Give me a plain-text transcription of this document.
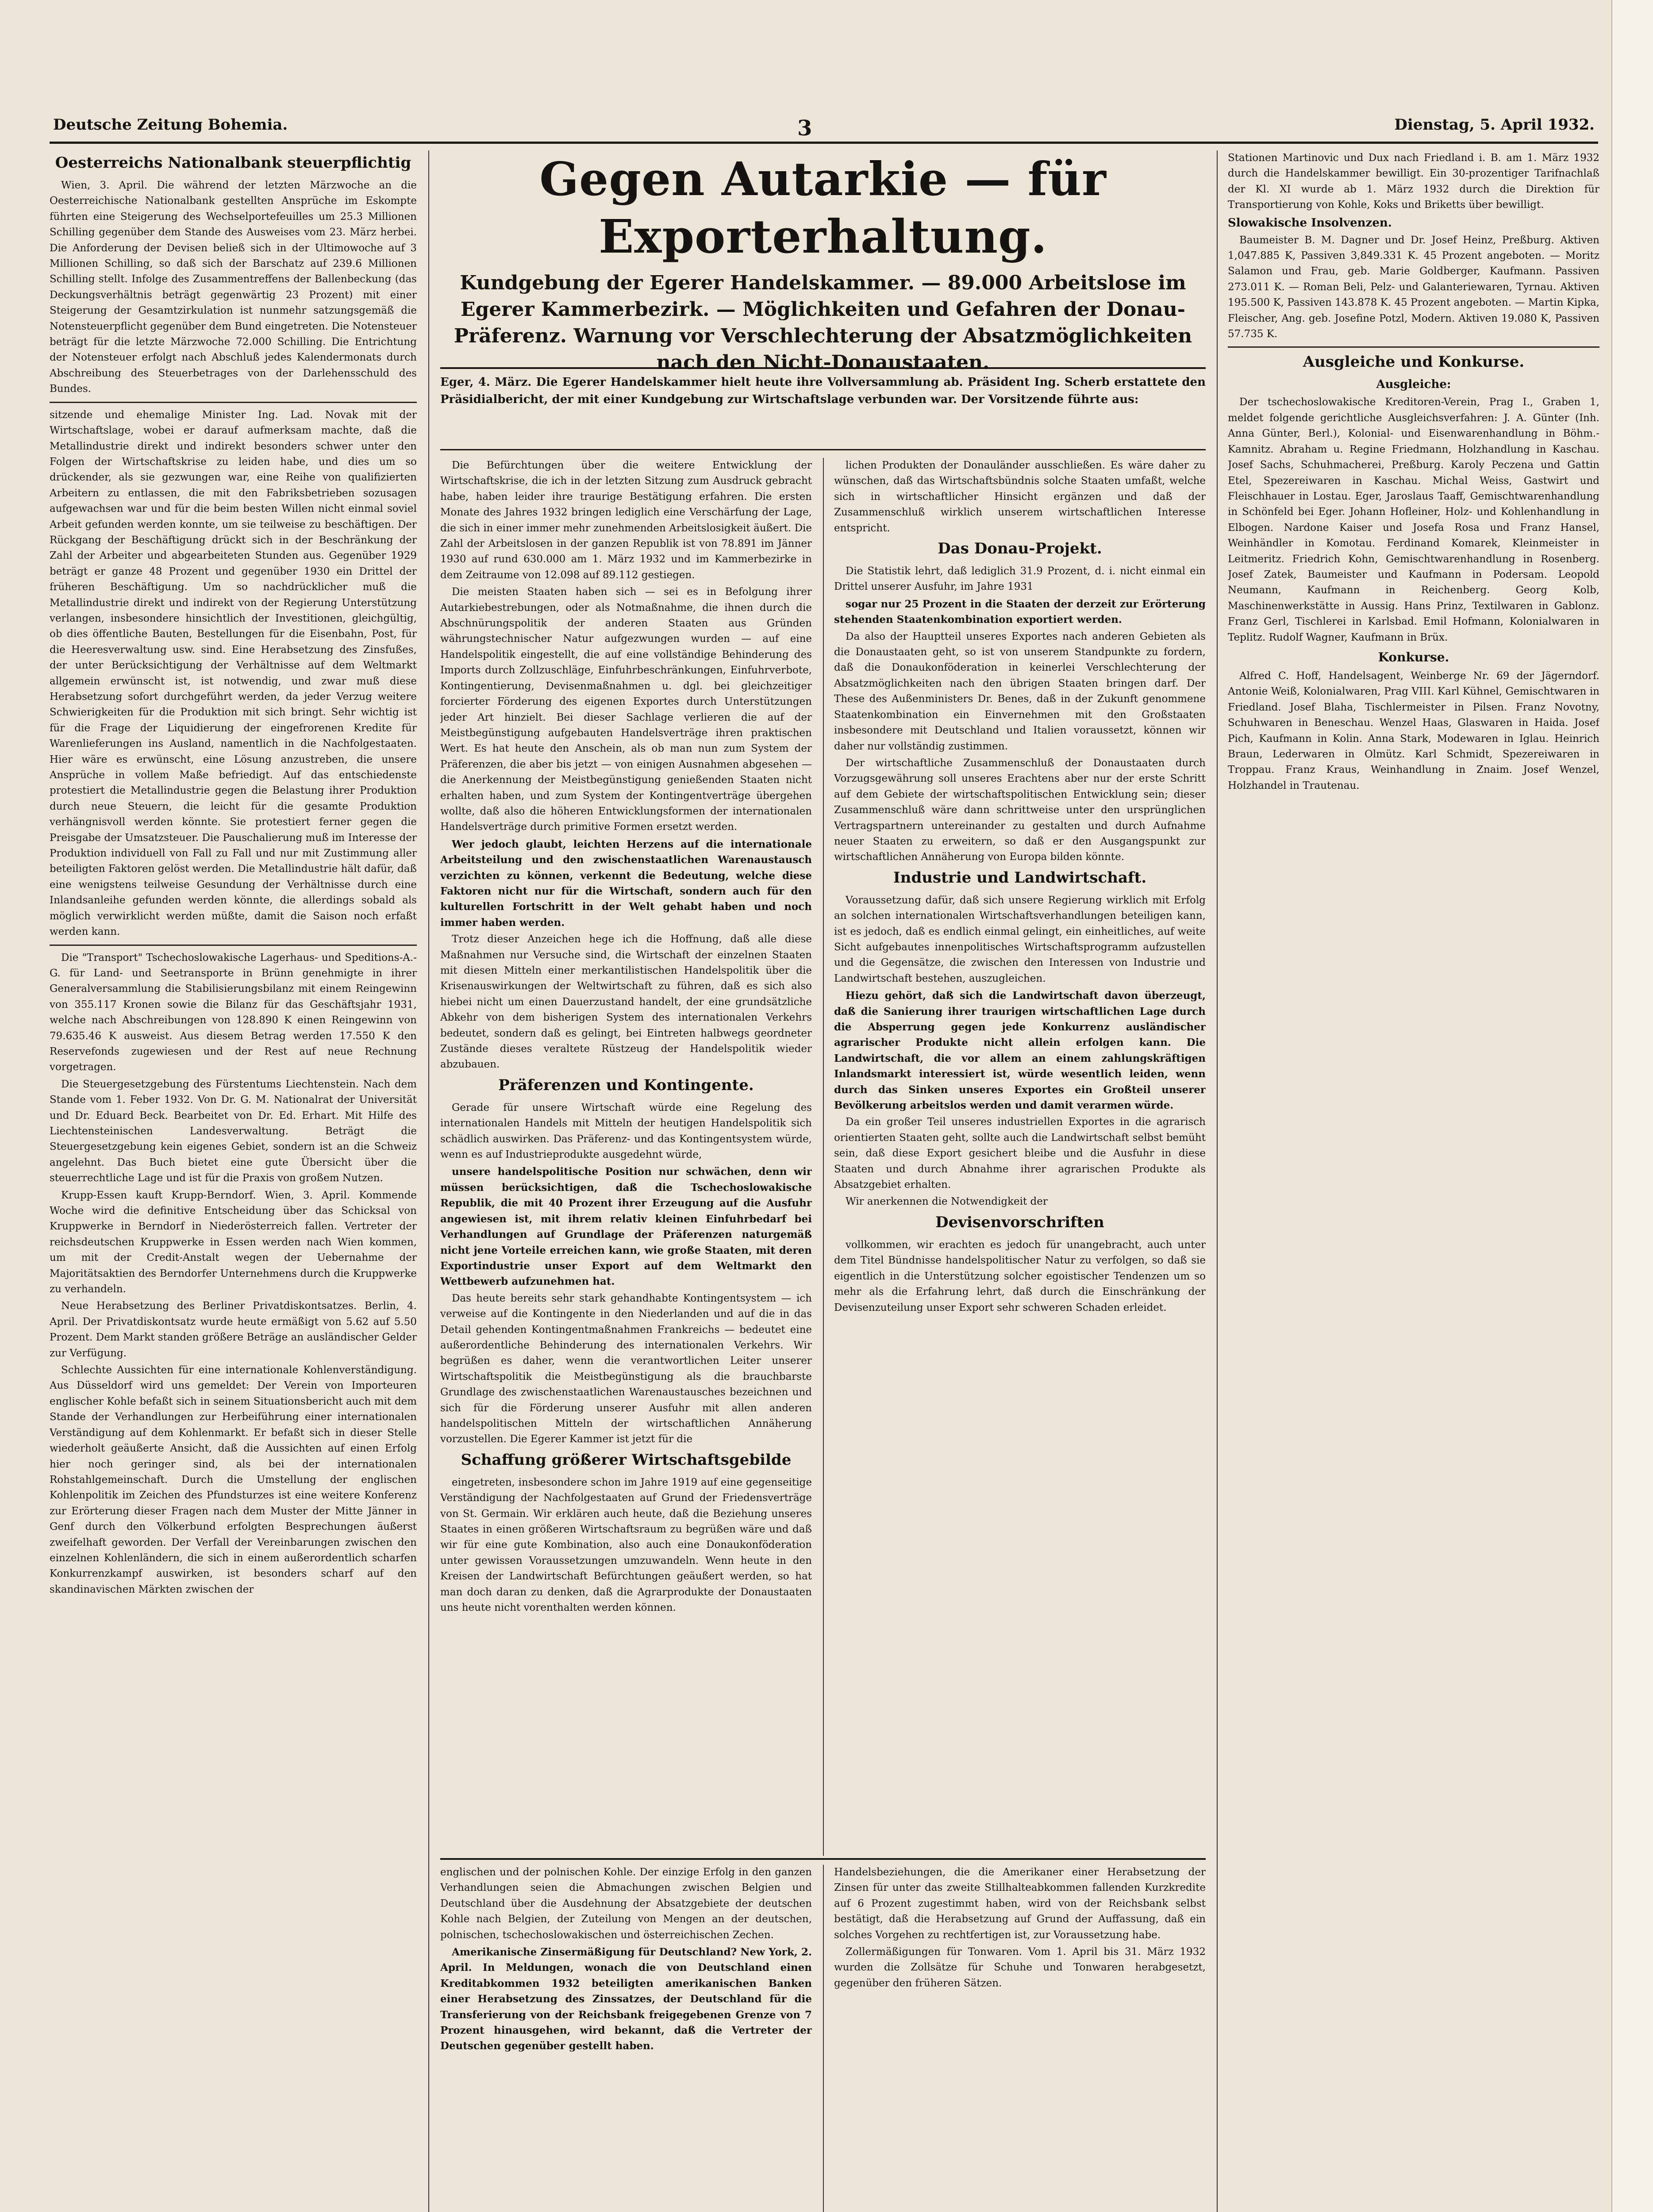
Deutsche Zeitung Bohemia.	3	Dienstag, 5. April 1932.
Oesterreichs Nationalbank steuerpflichtig

Wien, 3. April. Die während der letzten Märzwoche an die Oesterreichische Nationalbank gestellten Ansprüche im Eskompte führten eine Steigerung des Wechselportefeuilles um 25.3 Millionen Schilling gegenüber dem Stande des Ausweises vom 23. März herbei. Die Anforderung der Devisen beließ sich in der Ultimowoche auf 3 Millionen Schilling, so daß sich der Barschatz auf 239.6 Millionen Schilling stellt. Infolge des Zusammentreffens der Ballenbeckung (das Deckungsverhältnis beträgt gegenwärtig 23 Prozent) mit einer Steigerung der Gesamtzirkulation ist nunmehr satzungsgemäß die Notensteuerpflicht gegenüber dem Bund eingetreten. Die Notensteuer beträgt für die letzte Märzwoche 72.000 Schilling. Die Entrichtung der Notensteuer erfolgt nach Abschluß jedes Kalendermonats durch Abschreibung des Steuerbetrages von der Darlehensschuld des Bundes.

sitzende und ehemalige Minister Ing. Lad. Novak mit der Wirtschaftslage, wobei er darauf aufmerksam machte, daß die Metallindustrie direkt und indirekt besonders schwer unter den Folgen der Wirtschaftskrise zu leiden habe, und dies um so drückender, als sie gezwungen war, eine Reihe von qualifizierten Arbeitern zu entlassen, die mit den Fabriksbetrieben sozusagen aufgewachsen war und für die beim besten Willen nicht einmal soviel Arbeit gefunden werden konnte, um sie teilweise zu beschäftigen. Der Rückgang der Beschäftigung drückt sich in der Beschränkung der Zahl der Arbeiter und abgearbeiteten Stunden aus. Gegenüber 1929 beträgt er ganze 48 Prozent und gegenüber 1930 ein Drittel der früheren Beschäftigung. Um so nachdrücklicher muß die Metallindustrie direkt und indirekt von der Regierung Unterstützung verlangen, insbesondere hinsichtlich der Investitionen, gleichgültig, ob dies öffentliche Bauten, Bestellungen für die Eisenbahn, Post, für die Heeresverwaltung usw. sind. Eine Herabsetzung des Zinsfußes, der unter Berücksichtigung der Verhältnisse auf dem Weltmarkt allgemein erwünscht ist, ist notwendig, und zwar muß diese Herabsetzung sofort durchgeführt werden, da jeder Verzug weitere Schwierigkeiten für die Produktion mit sich bringt. Sehr wichtig ist für die Frage der Liquidierung der eingefrorenen Kredite für Warenlieferungen ins Ausland, namentlich in die Nachfolgestaaten. Hier wäre es erwünscht, eine Lösung anzustreben, die unsere Ansprüche in vollem Maße befriedigt. Auf das entschiedenste protestiert die Metallindustrie gegen die Belastung ihrer Produktion durch neue Steuern, die leicht für die gesamte Produktion verhängnisvoll werden könnte. Sie protestiert ferner gegen die Preisgabe der Umsatzsteuer. Die Pauschalierung muß im Interesse der Produktion individuell von Fall zu Fall und nur mit Zustimmung aller beteiligten Faktoren gelöst werden. Die Metallindustrie hält dafür, daß eine wenigstens teilweise Gesundung der Verhältnisse durch eine Inlandsanleihe gefunden werden könnte, die allerdings sobald als möglich verwirklicht werden müßte, damit die Saison noch erfaßt werden kann.

Die "Transport" Tschechoslowakische Lagerhaus- und Speditions-A.-G. für Land- und Seetransporte in Brünn genehmigte in ihrer Generalversammlung die Stabilisierungsbilanz mit einem Reingewinn von 355.117 Kronen sowie die Bilanz für das Geschäftsjahr 1931, welche nach Abschreibungen von 128.890 K einen Reingewinn von 79.635.46 K ausweist. Aus diesem Betrag werden 17.550 K den Reservefonds zugewiesen und der Rest auf neue Rechnung vorgetragen.

Die Steuergesetzgebung des Fürstentums Liechtenstein. Nach dem Stande vom 1. Feber 1932. Von Dr. G. M. Nationalrat der Universität und Dr. Eduard Beck. Bearbeitet von Dr. Ed. Erhart. Mit Hilfe des Liechtensteinischen Landesverwaltung. Beträgt die Steuergesetzgebung kein eigenes Gebiet, sondern ist an die Schweiz angelehnt. Das Buch bietet eine gute Übersicht über die steuerrechtliche Lage und ist für die Praxis von großem Nutzen.

Krupp-Essen kauft Krupp-Berndorf. Wien, 3. April. Kommende Woche wird die definitive Entscheidung über das Schicksal von Kruppwerke in Berndorf in Niederösterreich fallen. Vertreter der reichsdeutschen Kruppwerke in Essen werden nach Wien kommen, um mit der Credit-Anstalt wegen der Uebernahme der Majoritätsaktien des Berndorfer Unternehmens durch die Kruppwerke zu verhandeln.

Neue Herabsetzung des Berliner Privatdiskontsatzes. Berlin, 4. April. Der Privatdiskontsatz wurde heute ermäßigt von 5.62 auf 5.50 Prozent. Dem Markt standen größere Beträge an ausländischer Gelder zur Verfügung.

Schlechte Aussichten für eine internationale Kohlenverständigung. Aus Düsseldorf wird uns gemeldet: Der Verein von Importeuren englischer Kohle befaßt sich in seinem Situationsbericht auch mit dem Stande der Verhandlungen zur Herbeiführung einer internationalen Verständigung auf dem Kohlenmarkt. Er befaßt sich in dieser Stelle wiederholt geäußerte Ansicht, daß die Aussichten auf einen Erfolg hier noch geringer sind, als bei der internationalen Rohstahlgemeinschaft. Durch die Umstellung der englischen Kohlenpolitik im Zeichen des Pfundsturzes ist eine weitere Konferenz zur Erörterung dieser Fragen nach dem Muster der Mitte Jänner in Genf durch den Völkerbund erfolgten Besprechungen äußerst zweifelhaft geworden. Der Verfall der Vereinbarungen zwischen den einzelnen Kohlenländern, die sich in einem außerordentlich scharfen Konkurrenzkampf auswirken, ist besonders scharf auf den skandinavischen Märkten zwischen der

Gegen Autarkie — für Exporterhaltung.
Kundgebung der Egerer Handelskammer. — 89.000 Arbeitslose im Egerer Kammerbezirk. — Möglichkeiten und Gefahren der Donau-Präferenz. Warnung vor Verschlechterung der Absatzmöglichkeiten nach den Nicht-Donaustaaten.
Eger, 4. März. Die Egerer Handelskammer hielt heute ihre Vollversammlung ab. Präsident Ing. Scherb erstattete den Präsidialbericht, der mit einer Kundgebung zur Wirtschaftslage verbunden war. Der Vorsitzende führte aus:

Die Befürchtungen über die weitere Entwicklung der Wirtschaftskrise, die ich in der letzten Sitzung zum Ausdruck gebracht habe, haben leider ihre traurige Bestätigung erfahren. Die ersten Monate des Jahres 1932 bringen lediglich eine Verschärfung der Lage, die sich in einer immer mehr zunehmenden Arbeitslosigkeit äußert. Die Zahl der Arbeitslosen in der ganzen Republik ist von 78.891 im Jänner 1930 auf rund 630.000 am 1. März 1932 und im Kammerbezirke in dem Zeitraume von 12.098 auf 89.112 gestiegen.

Die meisten Staaten haben sich — sei es in Befolgung ihrer Autarkiebestrebungen, oder als Notmaßnahme, die ihnen durch die Abschnürungspolitik der anderen Staaten aus Gründen währungstechnischer Natur aufgezwungen wurden — auf eine Handelspolitik eingestellt, die auf eine vollständige Behinderung des Imports durch Zollzuschläge, Einfuhrbeschränkungen, Einfuhrverbote, Kontingentierung, Devisenmaßnahmen u. dgl. bei gleichzeitiger forcierter Förderung des eigenen Exportes durch Unterstützungen jeder Art hinzielt. Bei dieser Sachlage verlieren die auf der Meistbegünstigung aufgebauten Handelsverträge ihren praktischen Wert. Es hat heute den Anschein, als ob man nun zum System der Präferenzen, die aber bis jetzt — von einigen Ausnahmen abgesehen — die Anerkennung der Meistbegünstigung genießenden Staaten nicht erhalten haben, und zum System der Kontingentverträge übergehen wollte, daß also die höheren Entwicklungsformen der internationalen Handelsverträge durch primitive Formen ersetzt werden.

Wer jedoch glaubt, leichten Herzens auf die internationale Arbeitsteilung und den zwischenstaatlichen Warenaustausch verzichten zu können, verkennt die Bedeutung, welche diese Faktoren nicht nur für die Wirtschaft, sondern auch für den kulturellen Fortschritt in der Welt gehabt haben und noch immer haben werden.

Trotz dieser Anzeichen hege ich die Hoffnung, daß alle diese Maßnahmen nur Versuche sind, die Wirtschaft der einzelnen Staaten mit diesen Mitteln einer merkantilistischen Handelspolitik über die Krisenauswirkungen der Weltwirtschaft zu führen, daß es sich also hiebei nicht um einen Dauerzustand handelt, der eine grundsätzliche Abkehr von dem bisherigen System des internationalen Verkehrs bedeutet, sondern daß es gelingt, bei Eintreten halbwegs geordneter Zustände dieses veraltete Rüstzeug der Handelspolitik wieder abzubauen.

Präferenzen und Kontingente.

Gerade für unsere Wirtschaft würde eine Regelung des internationalen Handels mit Mitteln der heutigen Handelspolitik sich schädlich auswirken. Das Präferenz- und das Kontingentsystem würde, wenn es auf Industrieprodukte ausgedehnt würde,

unsere handelspolitische Position nur schwächen, denn wir müssen berücksichtigen, daß die Tschechoslowakische Republik, die mit 40 Prozent ihrer Erzeugung auf die Ausfuhr angewiesen ist, mit ihrem relativ kleinen Einfuhrbedarf bei Verhandlungen auf Grundlage der Präferenzen naturgemäß nicht jene Vorteile erreichen kann, wie große Staaten, mit deren Exportindustrie unser Export auf dem Weltmarkt den Wettbewerb aufzunehmen hat.

Das heute bereits sehr stark gehandhabte Kontingentsystem — ich verweise auf die Kontingente in den Niederlanden und auf die in das Detail gehenden Kontingentmaßnahmen Frankreichs — bedeutet eine außerordentliche Behinderung des internationalen Verkehrs. Wir begrüßen es daher, wenn die verantwortlichen Leiter unserer Wirtschaftspolitik die Meistbegünstigung als die brauchbarste Grundlage des zwischenstaatlichen Warenaustausches bezeichnen und sich für die Förderung unserer Ausfuhr mit allen anderen handelspolitischen Mitteln der wirtschaftlichen Annäherung vorzustellen. Die Egerer Kammer ist jetzt für die

Schaffung größerer Wirtschaftsgebilde

eingetreten, insbesondere schon im Jahre 1919 auf eine gegenseitige Verständigung der Nachfolgestaaten auf Grund der Friedensverträge von St. Germain. Wir erklären auch heute, daß die Beziehung unseres Staates in einen größeren Wirtschaftsraum zu begrüßen wäre und daß wir für eine gute Kombination, also auch eine Donaukonföderation unter gewissen Voraussetzungen umzuwandeln. Wenn heute in den Kreisen der Landwirtschaft Befürchtungen geäußert werden, so hat man doch daran zu denken, daß die Agrarprodukte der Donaustaaten uns heute nicht vorenthalten werden können.

lichen Produkten der Donauländer ausschließen. Es wäre daher zu wünschen, daß das Wirtschaftsbündnis solche Staaten umfaßt, welche sich in wirtschaftlicher Hinsicht ergänzen und daß der Zusammenschluß wirklich unserem wirtschaftlichen Interesse entspricht.

Das Donau-Projekt.

Die Statistik lehrt, daß lediglich 31.9 Prozent, d. i. nicht einmal ein Drittel unserer Ausfuhr, im Jahre 1931

sogar nur 25 Prozent in die Staaten der derzeit zur Erörterung stehenden Staatenkombination exportiert werden.

Da also der Hauptteil unseres Exportes nach anderen Gebieten als die Donaustaaten geht, so ist von unserem Standpunkte zu fordern, daß die Donaukonföderation in keinerlei Verschlechterung der Absatzmöglichkeiten nach den übrigen Staaten bringen darf. Der These des Außenministers Dr. Benes, daß in der Zukunft genommene Staatenkombination ein Einvernehmen mit den Großstaaten insbesondere mit Deutschland und Italien voraussetzt, können wir daher nur vollständig zustimmen.

Der wirtschaftliche Zusammenschluß der Donaustaaten durch Vorzugsgewährung soll unseres Erachtens aber nur der erste Schritt auf dem Gebiete der wirtschaftspolitischen Entwicklung sein; dieser Zusammenschluß wäre dann schrittweise unter den ursprünglichen Vertragspartnern untereinander zu gestalten und durch Aufnahme neuer Staaten zu erweitern, so daß er den Ausgangspunkt zur wirtschaftlichen Annäherung von Europa bilden könnte.

Industrie und Landwirtschaft.

Voraussetzung dafür, daß sich unsere Regierung wirklich mit Erfolg an solchen internationalen Wirtschaftsverhandlungen beteiligen kann, ist es jedoch, daß es endlich einmal gelingt, ein einheitliches, auf weite Sicht aufgebautes innenpolitisches Wirtschaftsprogramm aufzustellen und die Gegensätze, die zwischen den Interessen von Industrie und Landwirtschaft bestehen, auszugleichen.

Hiezu gehört, daß sich die Landwirtschaft davon überzeugt, daß die Sanierung ihrer traurigen wirtschaftlichen Lage durch die Absperrung gegen jede Konkurrenz ausländischer agrarischer Produkte nicht allein erfolgen kann. Die Landwirtschaft, die vor allem an einem zahlungskräftigen Inlandsmarkt interessiert ist, würde wesentlich leiden, wenn durch das Sinken unseres Exportes ein Großteil unserer Bevölkerung arbeitslos werden und damit verarmen würde.

Da ein großer Teil unseres industriellen Exportes in die agrarisch orientierten Staaten geht, sollte auch die Landwirtschaft selbst bemüht sein, daß diese Export gesichert bleibe und die Ausfuhr in diese Staaten und durch Abnahme ihrer agrarischen Produkte als Absatzgebiet erhalten.

Wir anerkennen die Notwendigkeit der

Devisenvorschriften

vollkommen, wir erachten es jedoch für unangebracht, auch unter dem Titel Bündnisse handelspolitischer Natur zu verfolgen, so daß sie eigentlich in die Unterstützung solcher egoistischer Tendenzen um so mehr als die Erfahrung lehrt, daß durch die Einschränkung der Devisenzuteilung unser Export sehr schweren Schaden erleidet.

englischen und der polnischen Kohle. Der einzige Erfolg in den ganzen Verhandlungen seien die Abmachungen zwischen Belgien und Deutschland über die Ausdehnung der Absatzgebiete der deutschen Kohle nach Belgien, der Zuteilung von Mengen an der deutschen, polnischen, tschechoslowakischen und österreichischen Zechen.

Amerikanische Zinsermäßigung für Deutschland? New York, 2. April. In Meldungen, wonach die von Deutschland einen Kreditabkommen 1932 beteiligten amerikanischen Banken einer Herabsetzung des Zinssatzes, der Deutschland für die Transferierung von der Reichsbank freigegebenen Grenze von 7 Prozent hinausgehen, wird bekannt, daß die Vertreter der Deutschen gegenüber gestellt haben.

Handelsbeziehungen, die die Amerikaner einer Herabsetzung der Zinsen für unter das zweite Stillhalteabkommen fallenden Kurzkredite auf 6 Prozent zugestimmt haben, wird von der Reichsbank selbst bestätigt, daß die Herabsetzung auf Grund der Auffassung, daß ein solches Vorgehen zu rechtfertigen ist, zur Voraussetzung habe.

Zollermäßigungen für Tonwaren. Vom 1. April bis 31. März 1932 wurden die Zollsätze für Schuhe und Tonwaren herabgesetzt, gegenüber den früheren Sätzen.

Stationen Martinovic und Dux nach Friedland i. B. am 1. März 1932 durch die Handelskammer bewilligt. Ein 30-prozentiger Tarifnachlaß der Kl. XI wurde ab 1. März 1932 durch die Direktion für Transportierung von Kohle, Koks und Briketts über bewilligt.

Slowakische Insolvenzen.

Baumeister B. M. Dagner und Dr. Josef Heinz, Preßburg. Aktiven 1,047.885 K, Passiven 3,849.331 K. 45 Prozent angeboten. — Moritz Salamon und Frau, geb. Marie Goldberger, Kaufmann. Passiven 273.011 K. — Roman Beli, Pelz- und Galanteriewaren, Tyrnau. Aktiven 195.500 K, Passiven 143.878 K. 45 Prozent angeboten. — Martin Kipka, Fleischer, Ang. geb. Josefine Potzl, Modern. Aktiven 19.080 K, Passiven 57.735 K.

Ausgleiche und Konkurse.
Ausgleiche:

Der tschechoslowakische Kreditoren-Verein, Prag I., Graben 1, meldet folgende gerichtliche Ausgleichsverfahren: J. A. Günter (Inh. Anna Günter, Berl.), Kolonial- und Eisenwarenhandlung in Böhm.-Kamnitz. Abraham u. Regine Friedmann, Holzhandlung in Kaschau. Josef Sachs, Schuhmacherei, Preßburg. Karoly Peczena und Gattin Etel, Spezereiwaren in Kaschau. Michal Weiss, Gastwirt und Fleischhauer in Lostau. Eger, Jaroslaus Taaff, Gemischtwarenhandlung in Schönfeld bei Eger. Johann Hofleiner, Holz- und Kohlenhandlung in Elbogen. Nardone Kaiser und Josefa Rosa und Franz Hansel, Weinhändler in Komotau. Ferdinand Komarek, Kleinmeister in Leitmeritz. Friedrich Kohn, Gemischtwarenhandlung in Rosenberg. Josef Zatek, Baumeister und Kaufmann in Podersam. Leopold Neumann, Kaufmann in Reichenberg. Georg Kolb, Maschinenwerkstätte in Aussig. Hans Prinz, Textilwaren in Gablonz. Franz Gerl, Tischlerei in Karlsbad. Emil Hofmann, Kolonialwaren in Teplitz. Rudolf Wagner, Kaufmann in Brüx.

Konkurse.

Alfred C. Hoff, Handelsagent, Weinberge Nr. 69 der Jägerndorf. Antonie Weiß, Kolonialwaren, Prag VIII. Karl Kühnel, Gemischtwaren in Friedland. Josef Blaha, Tischlermeister in Pilsen. Franz Novotny, Schuhwaren in Beneschau. Wenzel Haas, Glaswaren in Haida. Josef Pich, Kaufmann in Kolin. Anna Stark, Modewaren in Iglau. Heinrich Braun, Lederwaren in Olmütz. Karl Schmidt, Spezereiwaren in Troppau. Franz Kraus, Weinhandlung in Znaim. Josef Wenzel, Holzhandel in Trautenau.
